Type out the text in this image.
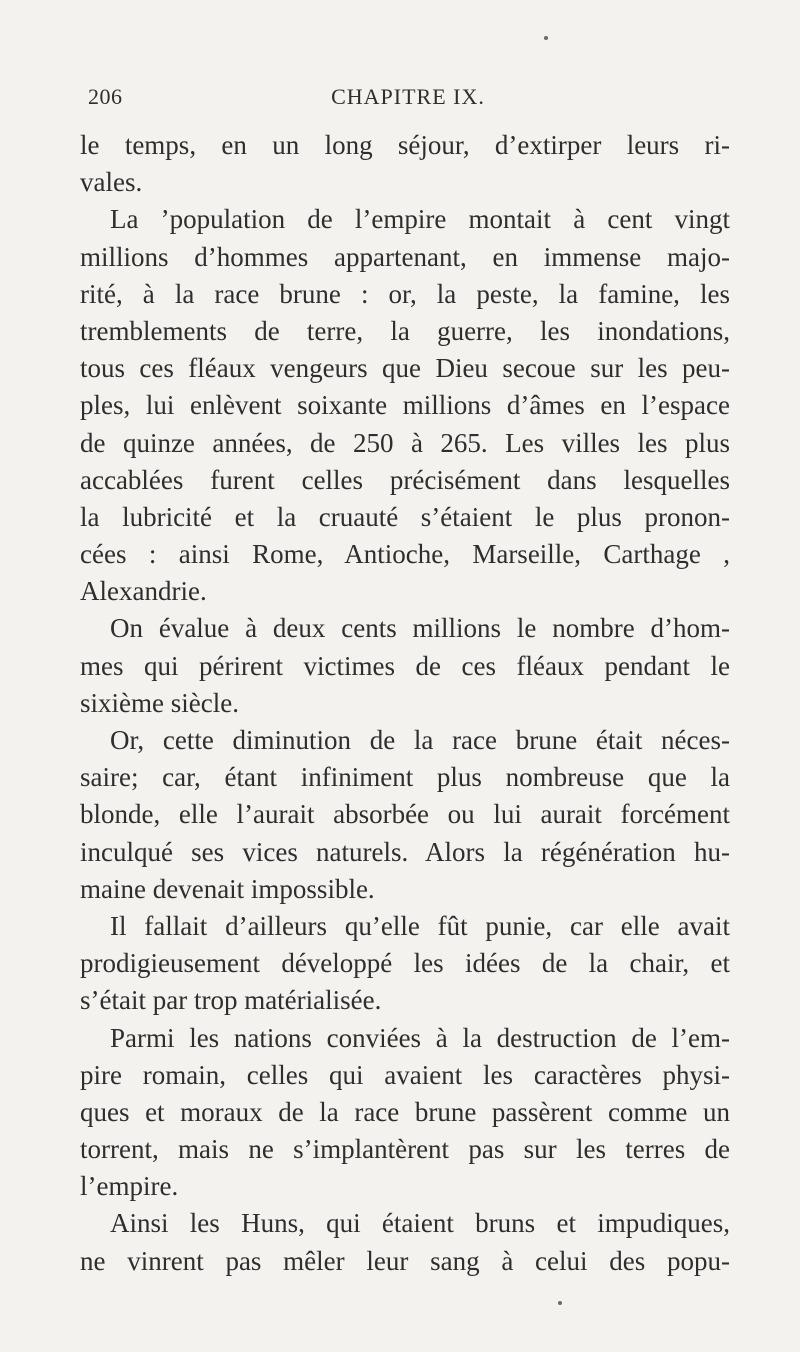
206	CHAPITRE IX.
le temps, en un long séjour, d’extirper leurs ri-
vales.
La ’population de l’empire montait à cent vingt
millions d’hommes appartenant, en immense majo-
rité, à la race brune : or, la peste, la famine, les
tremblements de terre, la guerre, les inondations,
tous ces fléaux vengeurs que Dieu secoue sur les peu-
ples, lui enlèvent soixante millions d’âmes en l’espace
de quinze années, de 250 à 265. Les villes les plus
accablées furent celles précisément dans lesquelles
la lubricité et la cruauté s’étaient le plus pronon-
cées : ainsi Rome, Antioche, Marseille, Carthage ,
Alexandrie.
On évalue à deux cents millions le nombre d’hom-
mes qui périrent victimes de ces fléaux pendant le
sixième siècle.
Or, cette diminution de la race brune était néces-
saire; car, étant infiniment plus nombreuse que la
blonde, elle l’aurait absorbée ou lui aurait forcément
inculqué ses vices naturels. Alors la régénération hu-
maine devenait impossible.
Il fallait d’ailleurs qu’elle fût punie, car elle avait
prodigieusement développé les idées de la chair, et
s’était par trop matérialisée.
Parmi les nations conviées à la destruction de l’em-
pire romain, celles qui avaient les caractères physi-
ques et moraux de la race brune passèrent comme un
torrent, mais ne s’implantèrent pas sur les terres de
l’empire.
Ainsi les Huns, qui étaient bruns et impudiques,
ne vinrent pas mêler leur sang à celui des popu-
